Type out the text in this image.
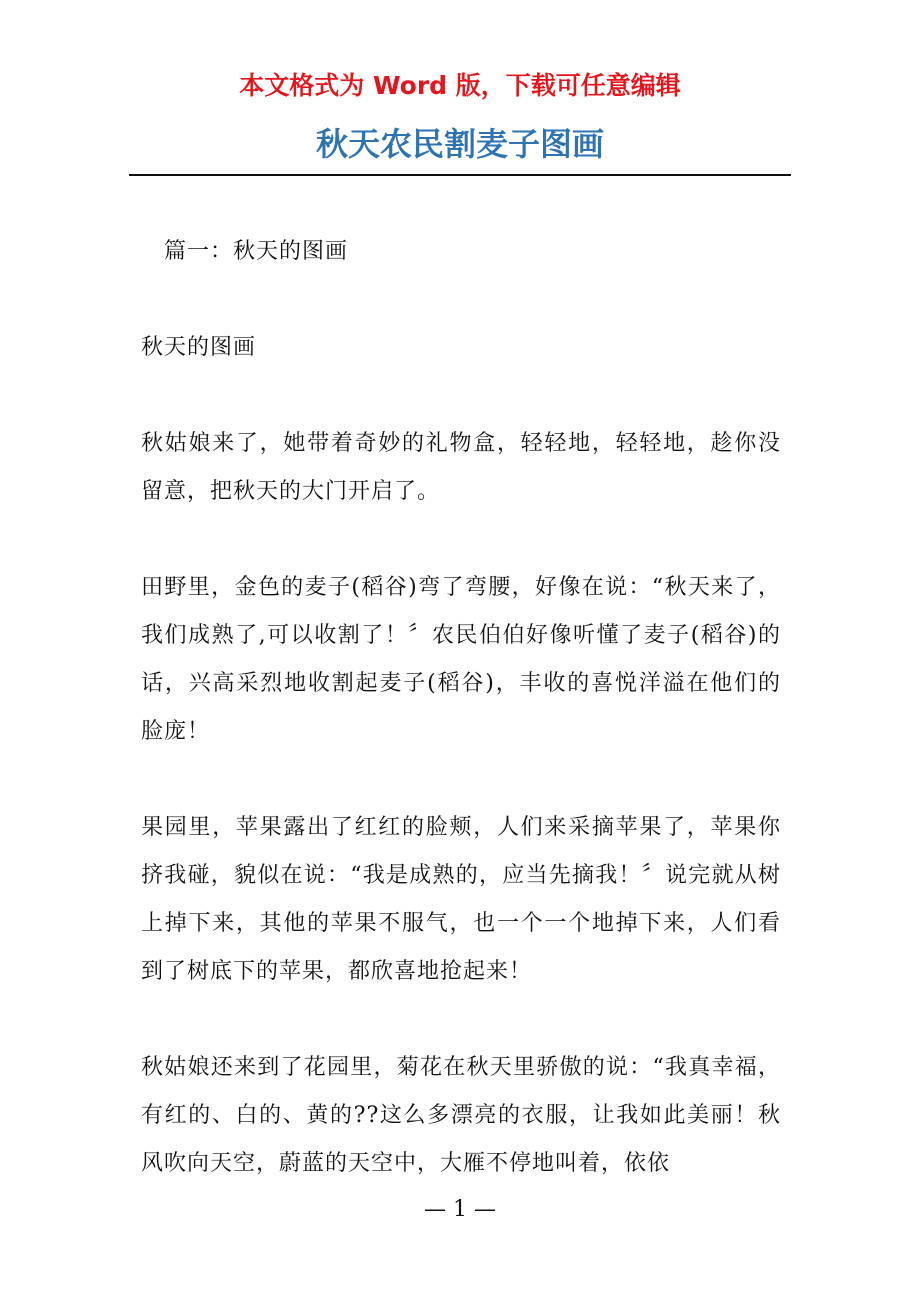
本文格式为 Word 版，下载可任意编辑
秋天农民割麦子图画

篇一：秋天的图画

秋天的图画

秋姑娘来了，她带着奇妙的礼物盒，轻轻地，轻轻地，趁你没留意，把秋天的大门开启了。

田野里，金色的麦子(稻谷)弯了弯腰，好像在说：“秋天来了，我们成熟了,可以收割了！〞农民伯伯好像听懂了麦子(稻谷)的话，兴高采烈地收割起麦子(稻谷)，丰收的喜悦洋溢在他们的脸庞！

果园里，苹果露出了红红的脸颊，人们来采摘苹果了，苹果你挤我碰，貌似在说：“我是成熟的，应当先摘我！〞说完就从树上掉下来，其他的苹果不服气，也一个一个地掉下来，人们看到了树底下的苹果，都欣喜地抢起来！

秋姑娘还来到了花园里，菊花在秋天里骄傲的说：“我真幸福，有红的、白的、黄的??这么多漂亮的衣服，让我如此美丽！秋风吹向天空，蔚蓝的天空中，大雁不停地叫着，依依

— 1 —
